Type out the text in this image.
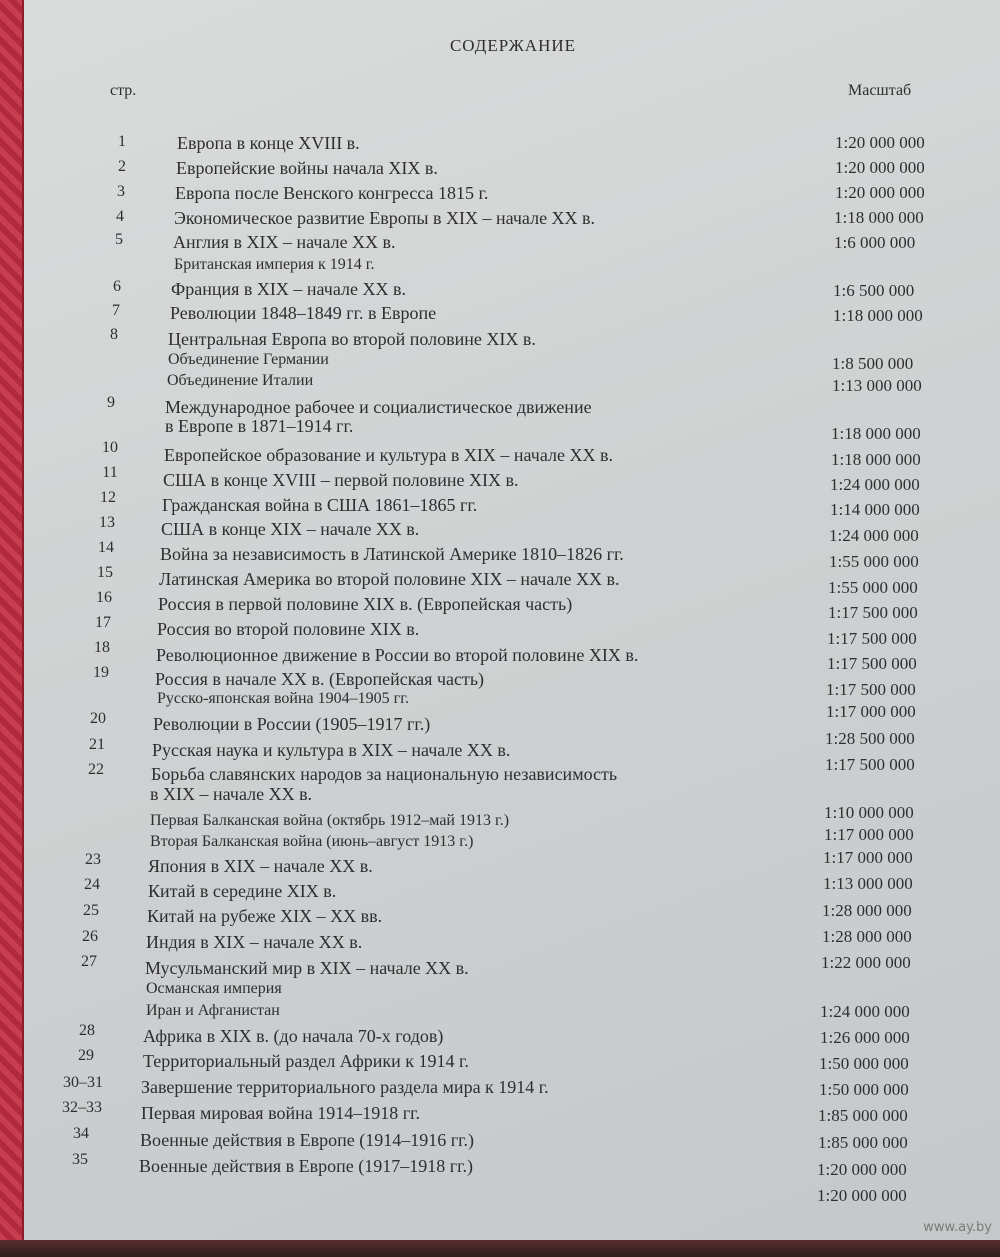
СОДЕРЖАНИЕ
стр.	Масштаб
1
2
3
4
5
6
7
8
9
10
11
12
13
14
15
16
17
18
19
20
21
22
23
24
25
26
27
28
29
30–31
32–33
34
35
Европа в конце XVIII в.
Европейские войны начала XIX в.
Европа после Венского конгресса 1815 г.
Экономическое развитие Европы в XIX – начале XX в.
Англия в XIX – начале XX в.
Британская империя к 1914 г.
Франция в XIX – начале XX в.
Революции 1848–1849 гг. в Европе
Центральная Европа во второй половине XIX в.
Объединение Германии
Объединение Италии
Международное рабочее и социалистическое движение
в Европе в 1871–1914 гг.
Европейское образование и культура в XIX – начале XX в.
США в конце XVIII – первой половине XIX в.
Гражданская война в США 1861–1865 гг.
США в конце XIX – начале XX в.
Война за независимость в Латинской Америке 1810–1826 гг.
Латинская Америка во второй половине XIX – начале XX в.
Россия в первой половине XIX в. (Европейская часть)
Россия во второй половине XIX в.
Революционное движение в России во второй половине XIX в.
Россия в начале XX в. (Европейская часть)
Русско-японская война 1904–1905 гг.
Революции в России (1905–1917 гг.)
Русская наука и культура в XIX – начале XX в.
Борьба славянских народов за национальную независимость
в XIX – начале XX в.
Первая Балканская война (октябрь 1912–май 1913 г.)
Вторая Балканская война (июнь–август 1913 г.)
Япония в XIX – начале XX в.
Китай в середине XIX в.
Китай на рубеже XIX – XX вв.
Индия в XIX – начале XX в.
Мусульманский мир в XIX – начале XX в.
Османская империя
Иран и Афганистан
Африка в XIX в. (до начала 70-х годов)
Территориальный раздел Африки к 1914 г.
Завершение территориального раздела мира к 1914 г.
Первая мировая война 1914–1918 гг.
Военные действия в Европе (1914–1916 гг.)
Военные действия в Европе (1917–1918 гг.)
1:20 000 000
1:20 000 000
1:20 000 000
1:18 000 000
1:6 000 000
1:6 500 000
1:18 000 000
1:8 500 000
1:13 000 000
1:18 000 000
1:18 000 000
1:24 000 000
1:14 000 000
1:24 000 000
1:55 000 000
1:55 000 000
1:17 500 000
1:17 500 000
1:17 500 000
1:17 500 000
1:17 000 000
1:28 500 000
1:17 500 000
1:10 000 000
1:17 000 000
1:17 000 000
1:13 000 000
1:28 000 000
1:28 000 000
1:22 000 000
1:24 000 000
1:26 000 000
1:50 000 000
1:50 000 000
1:85 000 000
1:85 000 000
1:20 000 000
1:20 000 000
www.ay.by
